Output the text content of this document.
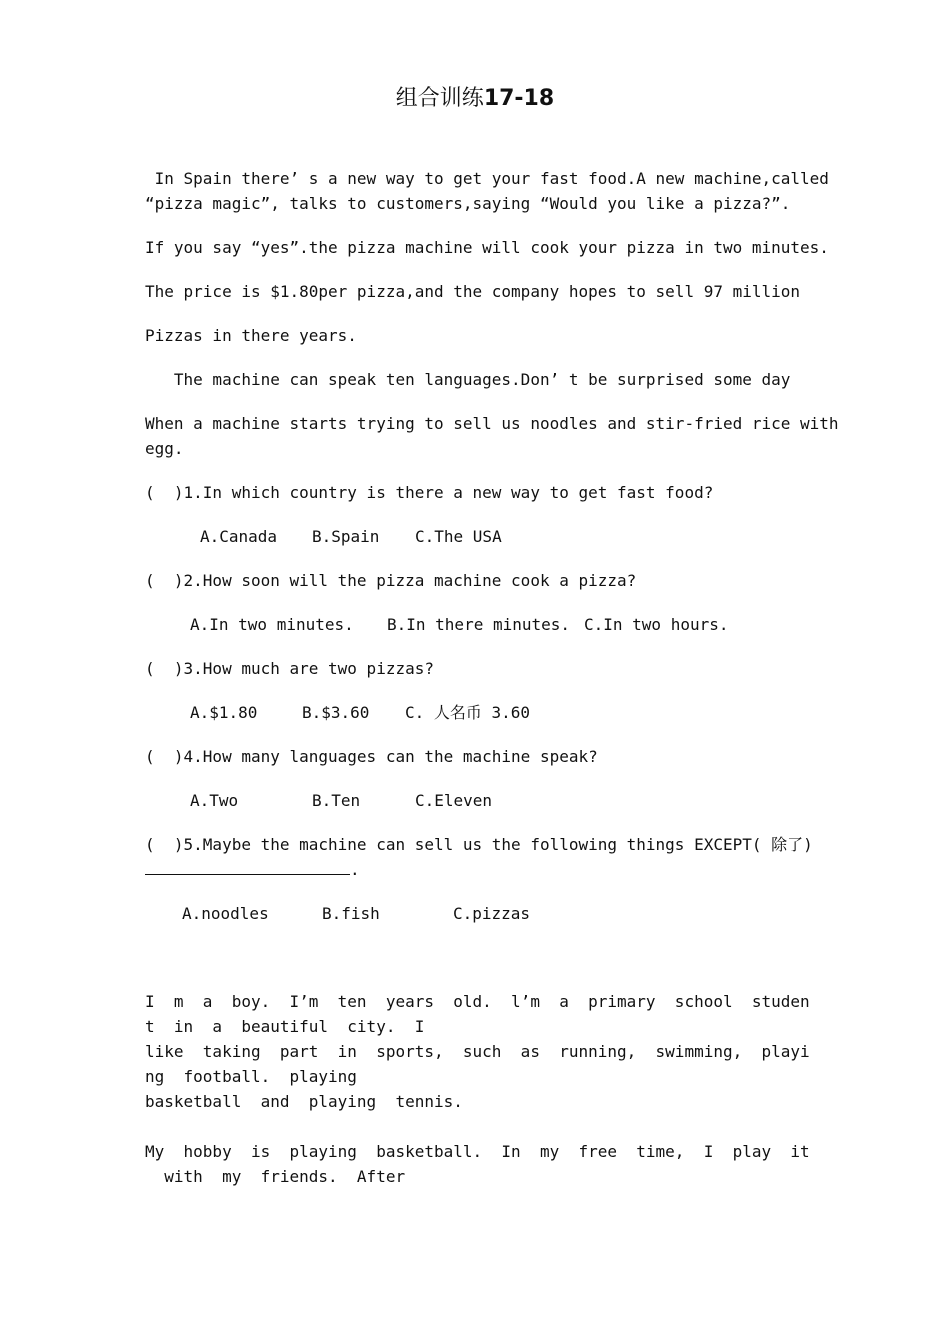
组合训练17-18
In Spain there’ s a new way to get your fast food.A new machine,called
“pizza magic”, talks to customers,saying “Would you like a pizza?”.
If you say “yes”.the pizza machine will cook your pizza in two minutes.
The price is $1.80per pizza,and the company hopes to sell 97 million
Pizzas in there years.
The machine can speak ten languages.Don’ t be surprised some day
When a machine starts trying to sell us noodles and stir-fried rice with
egg.
(  )1.In which country is there a new way to get fast food?
A.Canada B.Spain C.The USA
(  )2.How soon will the pizza machine cook a pizza?
A.In two minutes. B.In there minutes. C.In two hours.
(  )3.How much are two pizzas?
A.$1.80	B.$3.60 C. 人名币 3.60
(  )4.How many languages can the machine speak?
A.Two	B.Ten	C.Eleven
(  )5.Maybe the machine can sell us the following things EXCEPT( 除了)
.
A.noodles	B.fish	C.pizzas
I  m  a  boy.  I’m  ten  years  old.  l’m  a  primary  school  studen
t  in  a  beautiful  city.  I
like  taking  part  in  sports,  such  as  running,  swimming,  playi
ng  football.  playing
basketball  and  playing  tennis.
My  hobby  is  playing  basketball.  In  my  free  time,  I  play  it
with  my  friends.  After
